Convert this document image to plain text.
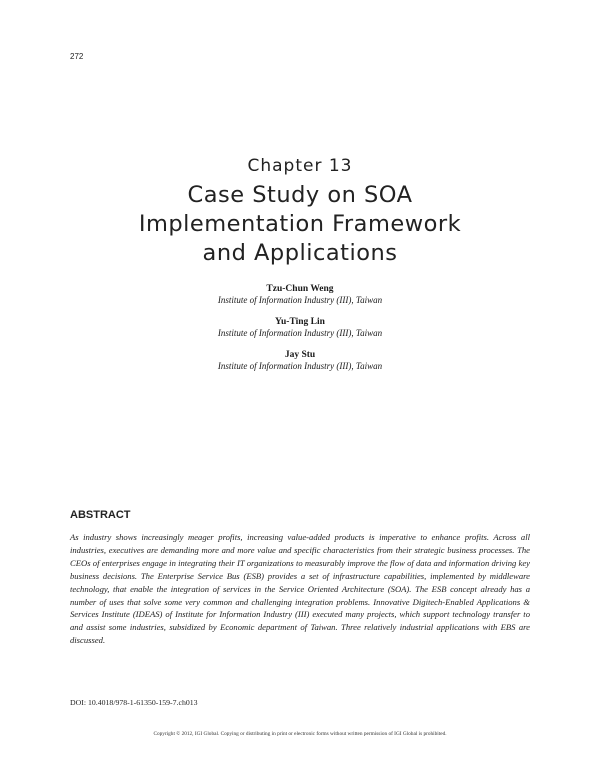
272
Chapter 13
Case Study on SOA
Implementation Framework
and Applications
Tzu-Chun Weng
Institute of Information Industry (III), Taiwan
Yu-Ting Lin
Institute of Information Industry (III), Taiwan
Jay Stu
Institute of Information Industry (III), Taiwan
ABSTRACT

As industry shows increasingly meager profits, increasing value-added products is imperative to enhance profits. Across all industries, executives are demanding more and more value and specific characteristics from their strategic business processes. The CEOs of enterprises engage in integrating their IT organizations to measurably improve the flow of data and information driving key business decisions. The Enterprise Service Bus (ESB) provides a set of infrastructure capabilities, implemented by middleware technology, that enable the integration of services in the Service Oriented Architecture (SOA). The ESB concept already has a number of uses that solve some very common and challenging integration problems. Innovative Digitech-Enabled Applications & Services Institute (IDEAS) of Institute for Information Industry (III) executed many projects, which support technology transfer to and assist some industries, subsidized by Economic department of Taiwan. Three relatively industrial applications with EBS are discussed.

DOI: 10.4018/978-1-61350-159-7.ch013
Copyright © 2012, IGI Global. Copying or distributing in print or electronic forms without written permission of IGI Global is prohibited.
